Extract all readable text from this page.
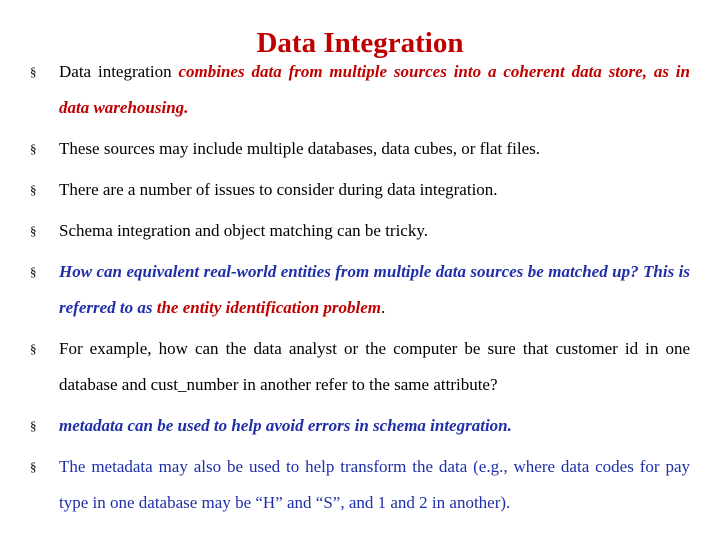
Data Integration
§ Data integration combines data from multiple sources into a coherent data store, as in data warehousing.
§ These sources may include multiple databases, data cubes, or flat files.
§ There are a number of issues to consider during data integration.
§ Schema integration and object matching can be tricky.
§ How can equivalent real-world entities from multiple data sources be matched up? This is referred to as the entity identification problem.
§ For example, how can the data analyst or the computer be sure that customer id in one database and cust_number in another refer to the same attribute?
§ metadata can be used to help avoid errors in schema integration.
§ The metadata may also be used to help transform the data (e.g., where data codes for pay type in one database may be “H” and “S”, and 1 and 2 in another).
